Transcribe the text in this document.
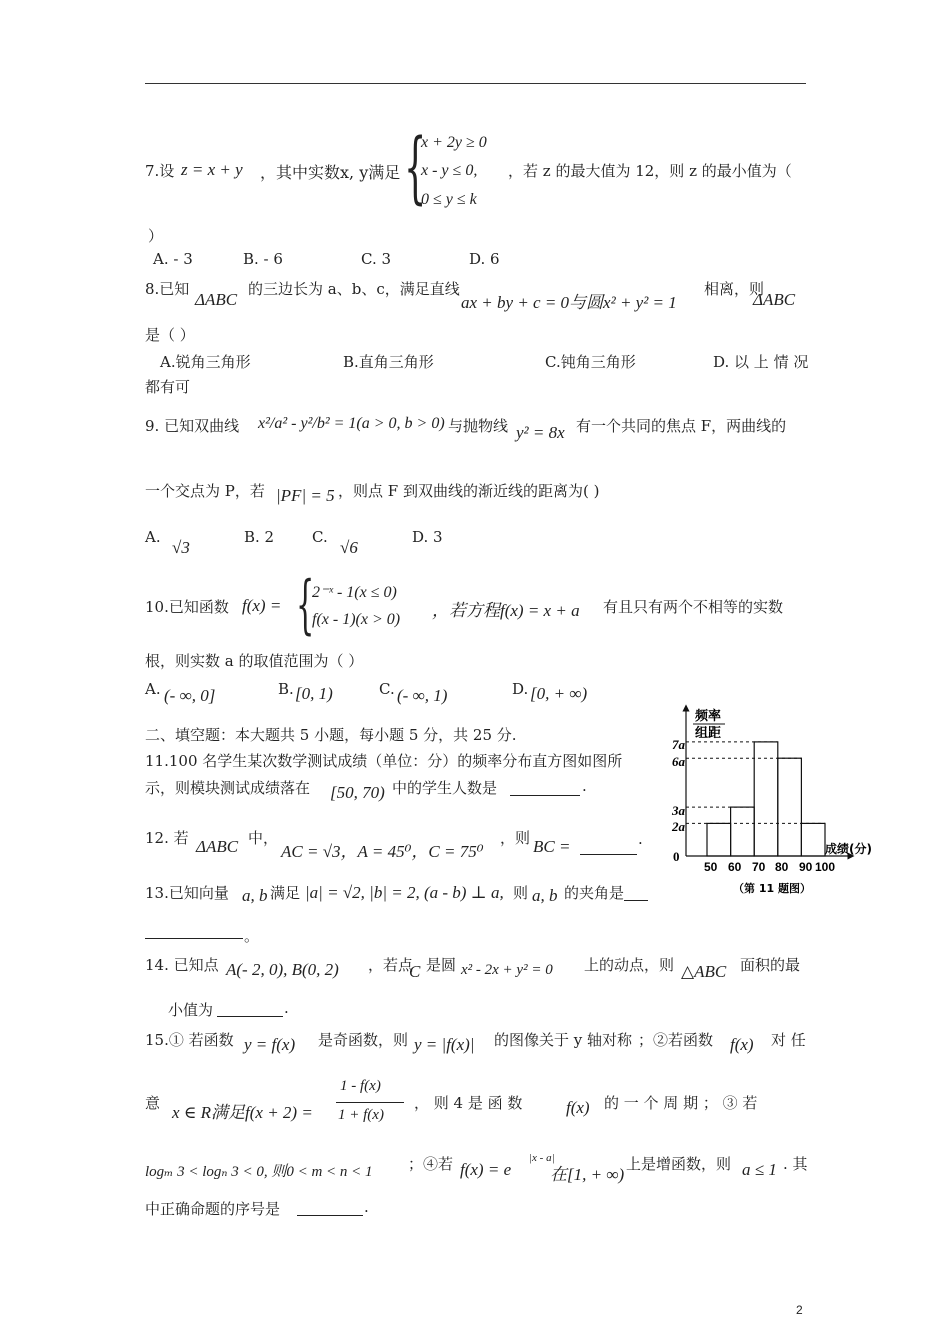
7.设 z = x + y ，其中实数x, y满足 {
x + 2y ≥ 0
x - y ≤ 0,
0 ≤ y ≤ k
，若 z 的最大值为 12，则 z 的最小值为（
）
A. - 3	B. - 6	C. 3	D. 6
8.已知
ΔABC
的三边长为 a、b、c，满足直线
ax + by + c = 0与圆x² + y² = 1
相离，则
ΔABC
是（ ）
A.锐角三角形	B.直角三角形	C.钝角三角形	D. 以 上 情 况
都有可
9. 已知双曲线 x²/a² - y²/b² = 1(a > 0, b > 0) 与抛物线 y² = 8x 有一个共同的焦点 F，两曲线的
一个交点为 P，若 |PF| = 5 ，则点 F 到双曲线的渐近线的距离为( )
A.
√3
B. 2	C.
√6
D. 3
10.已知函数 f(x) = {
2⁻ˣ - 1(x ≤ 0)
f(x - 1)(x > 0) ，若方程f(x) = x + a 有且只有两个不相等的实数
根，则实数 a 的取值范围为（ ）
A. (- ∞, 0]	B. [0, 1)	C. (- ∞, 1)	D. [0, + ∞)
二、填空题：本大题共 5 小题，每小题 5 分，共 25 分.
11.100 名学生某次数学测试成绩（单位：分）的频率分布直方图如图所
示，则模块测试成绩落在 [50, 70) 中的学生人数是	.
12. 若 ΔABC 中，
AC = √3，A = 45⁰，C = 75⁰
，则 BC =	.
13.已知向量 a, b 满足 |a| = √2, |b| = 2, (a - b) ⊥ a, 则 a, b 的夹角是
。
14. 已知点 A(- 2, 0), B(0, 2) ，若点
C 是圆 x² - 2x + y² = 0 上的动点，则 △ABC 面积的最
小值为	.
15.① 若函数 y = f(x) 是奇函数，则 y = |f(x)| 的图像关于 y 轴对称 ；②若函数 f(x) 对 任
意 x ∈ R满足f(x + 2) =
1 - f(x)
1 + f(x)
， 则 4 是 函 数	f(x) 的 一 个 周 期 ； ③ 若
logₘ 3 < logₙ 3 < 0, 则0 < m < n < 1 ；④若 f(x) = e
|x - a|
在[1, + ∞)
上是增函数，则 a ≤ 1 . 其
中正确命题的序号是	.
频率
组距
0
7a
6a
3a
2a
50 60 70 80 90 100
成绩(分)
（第 11 题图）
2
